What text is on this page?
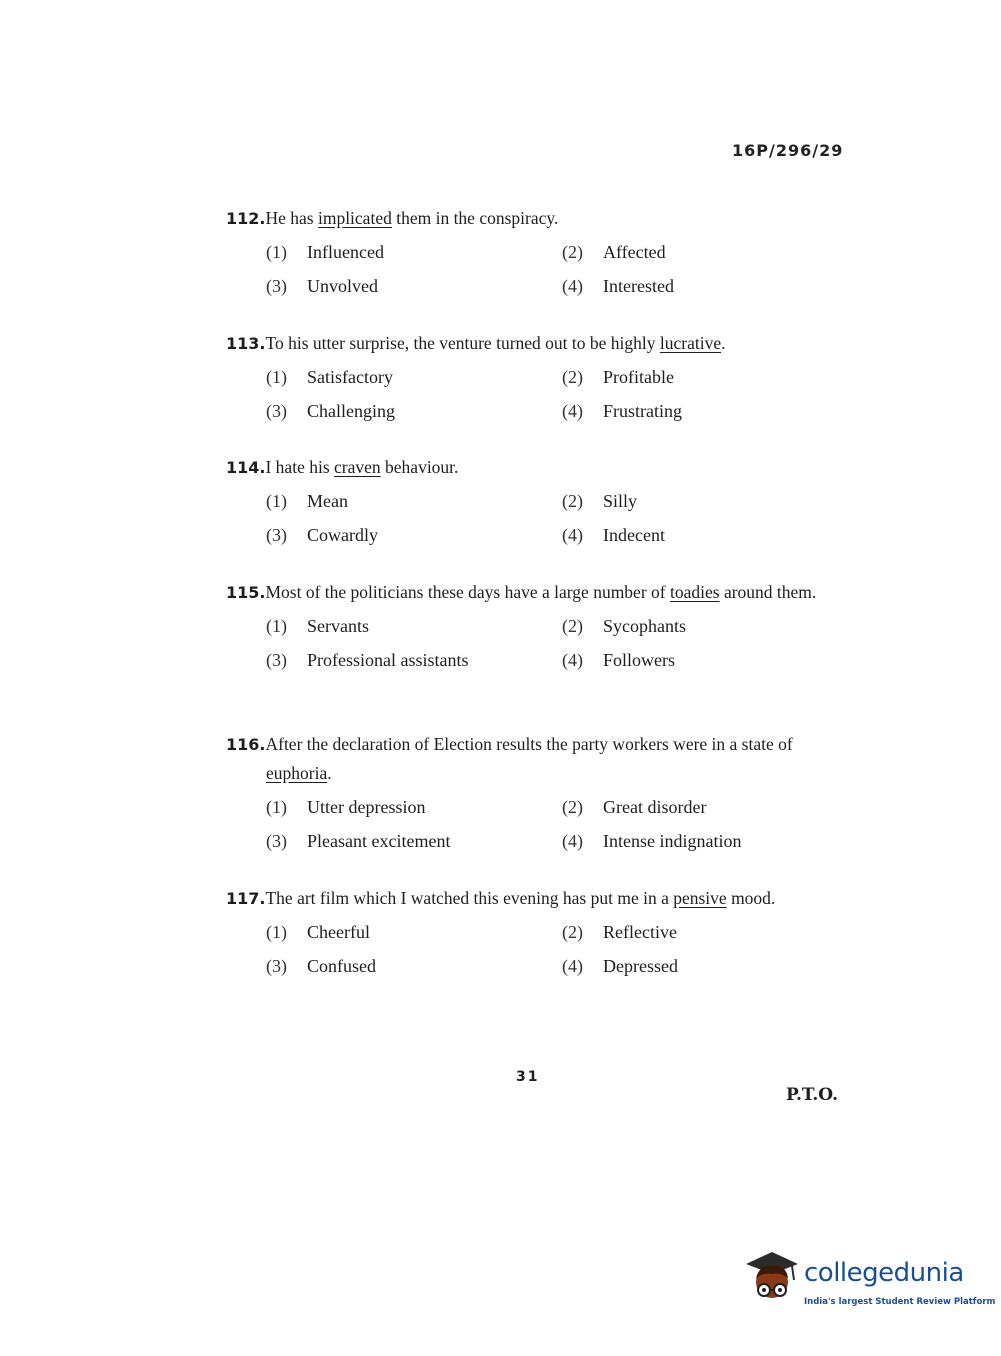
16P/296/29
112.He has implicated them in the conspiracy.
(1)	Influenced	(2)	Affected
(3)	Unvolved	(4)	Interested
113.To his utter surprise, the venture turned out to be highly lucrative.
(1)	Satisfactory	(2)	Profitable
(3)	Challenging	(4)	Frustrating
114.I hate his craven behaviour.
(1)	Mean	(2)	Silly
(3)	Cowardly	(4)	Indecent
115.Most of the politicians these days have a large number of toadies around them.
(1)	Servants	(2)	Sycophants
(3)	Professional assistants	(4)	Followers
116.After the declaration of Election results the party workers were in a state of euphoria.
(1)	Utter depression	(2)	Great disorder
(3)	Pleasant excitement	(4)	Intense indignation
117.The art film which I watched this evening has put me in a pensive mood.
(1)	Cheerful	(2)	Reflective
(3)	Confused	(4)	Depressed
31
P.T.O.
collegedunia
India's largest Student Review Platform
